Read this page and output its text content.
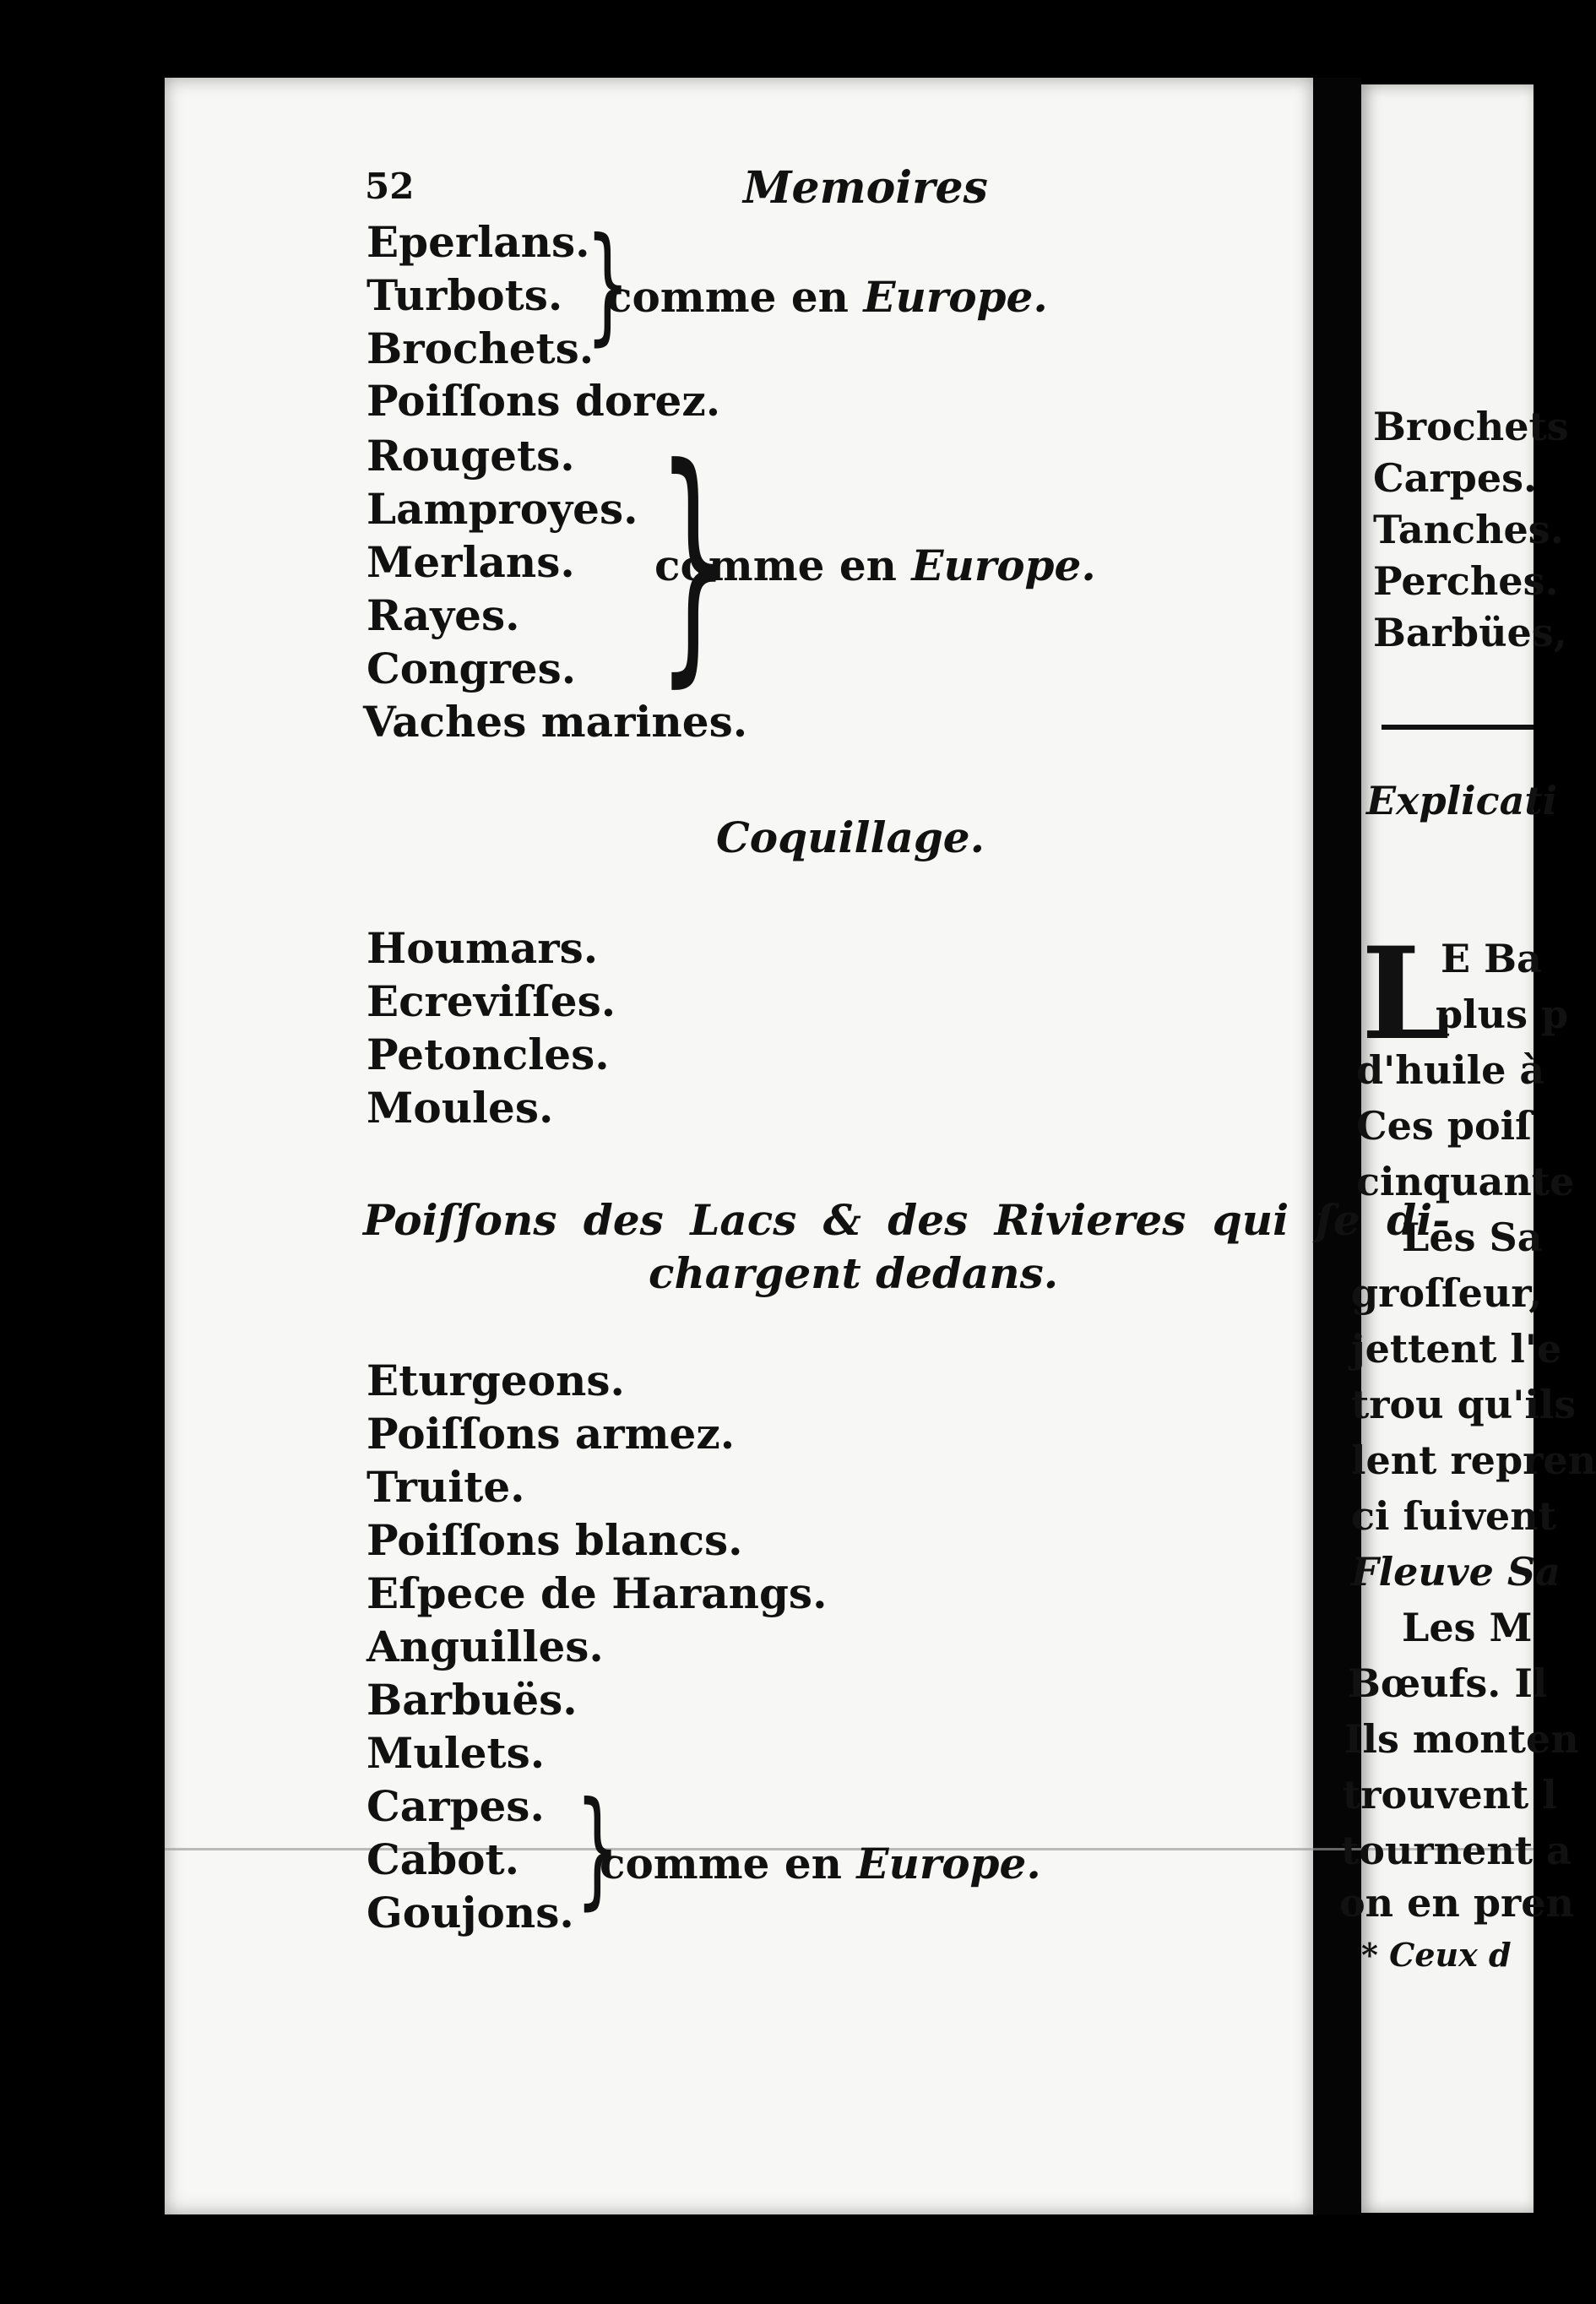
52	Memoires
Eperlans.
Turbots.
Brochets.
}
comme en Europe.
Poiſſons dorez.
Rougets.
Lamproyes.
Merlans.
Rayes.
Congres. }
comme en Europe.
Vaches marines.
Coquillage.
Houmars.
Ecreviſſes.
Petoncles.
Moules.
Poiſſons des Lacs & des Rivieres qui ſe di-
chargent dedans.
Eturgeons.
Poiſſons armez.
Truite.
Poiſſons blancs.
Eſpece de Harangs.
Anguilles.
Barbuës.
Mulets.
Carpes.
Cabot.
Goujons. }
comme en Europe.
Brochets
Carpes.
Tanches.
Perches.
Barbües,
Explicati
L
E Ba
plus p
d'huile à
Ces poiſ
cinquante
Les Sa
groſſeur,
jettent l'e
trou qu'ils
lent repren
ci ſuivent
Fleuve Sa
Les M
Bœufs. Il
Ils monten
trouvent l
tournent a
on en pren
* Ceux d
